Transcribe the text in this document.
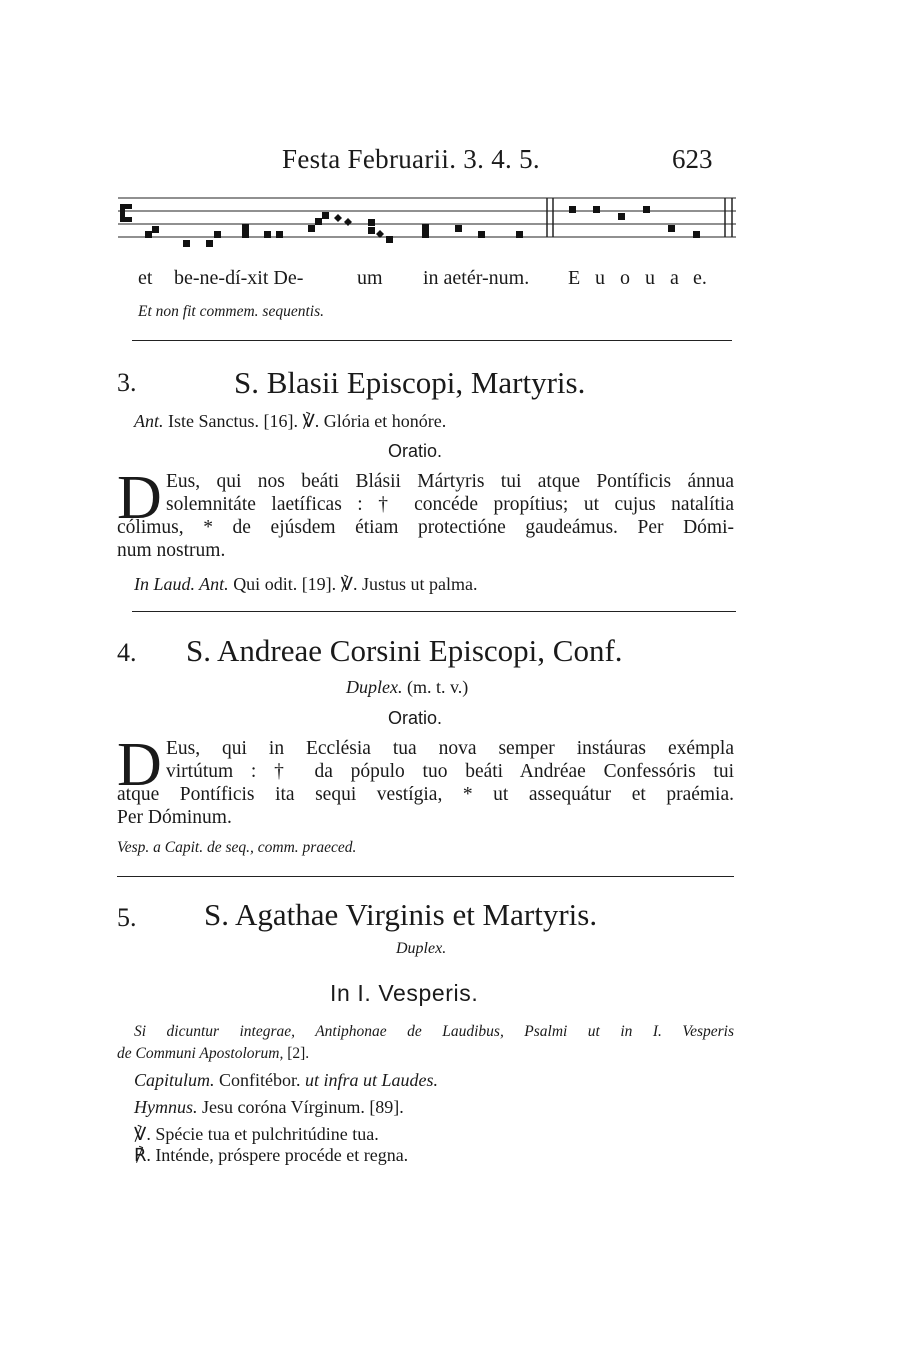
Festa Februarii. 3. 4. 5.	623
et be-ne-dí-xit De-	um in aetér-num. E u o u a e.
Et non fit commem. sequentis.
3.	S. Blasii Episcopi, Martyris.
Ant. Iste Sanctus. [16]. ℣. Glória et honóre.
Oratio.
D Eus, qui nos beáti Blásii Mártyris tui atque Pontíficis ánnua
solemnitáte laetíficas : † concéde propítius; ut cujus natalítia
cólimus, * de ejúsdem étiam protectióne gaudeámus. Per Dómi-
num nostrum.
In Laud. Ant. Qui odit. [19]. ℣. Justus ut palma.
4. S. Andreae Corsini Episcopi, Conf.
Duplex. (m. t. v.)
Oratio.
D Eus, qui in Ecclésia tua nova semper instáuras exémpla
virtútum : † da pópulo tuo beáti Andréae Confessóris tui
atque Pontíficis ita sequi vestígia, * ut assequátur et praémia.
Per Dóminum.
Vesp. a Capit. de seq., comm. praeced.
5. S. Agathae Virginis et Martyris.
Duplex.
In I. Vesperis.
Si dicuntur integrae, Antiphonae de Laudibus, Psalmi ut in I. Vesperis
de Communi Apostolorum, [2].
Capitulum. Confitébor. ut infra ut Laudes.
Hymnus. Jesu coróna Vírginum. [89].
℣. Spécie tua et pulchritúdine tua.
℟. Inténde, próspere procéde et regna.
